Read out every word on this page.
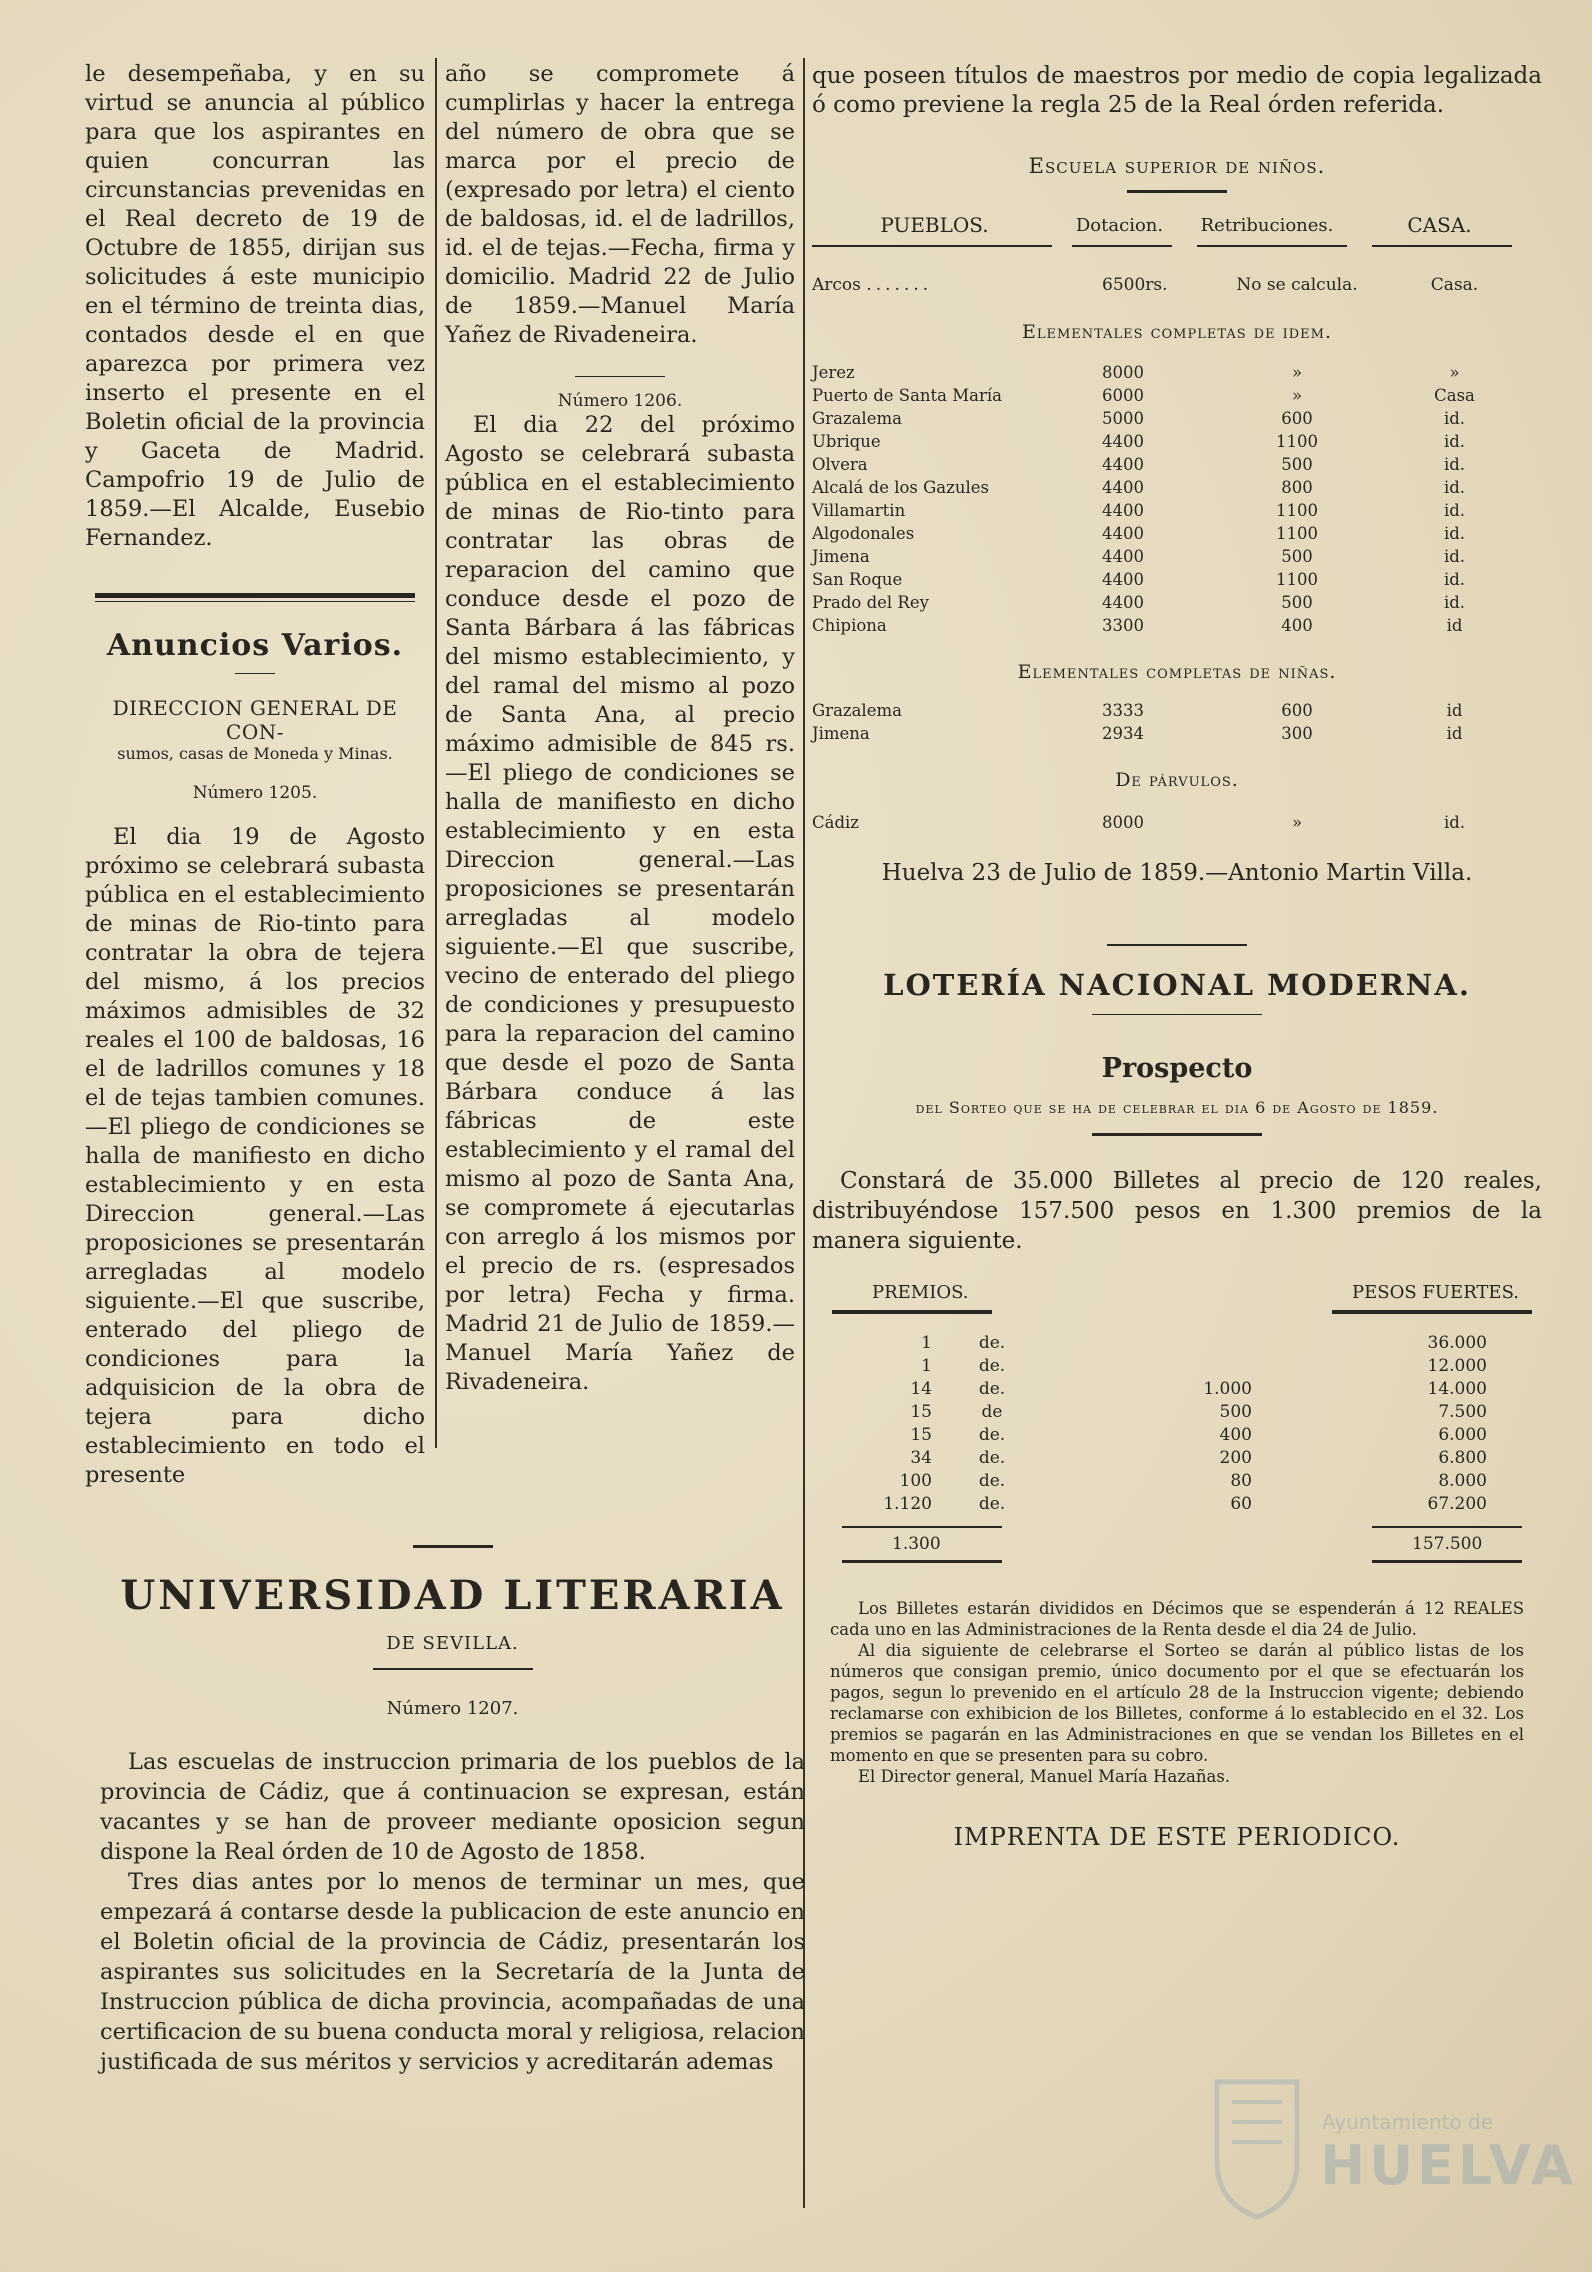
le desempeñaba, y en su virtud se anuncia al público para que los aspirantes en quien concurran las circunstancias prevenidas en el Real decreto de 19 de Octubre de 1855, dirijan sus solicitudes á este municipio en el término de treinta dias, contados desde el en que aparezca por primera vez inserto el presente en el Boletin oficial de la provincia y Gaceta de Madrid. Campofrio 19 de Julio de 1859.—El Alcalde, Eusebio Fernandez.

Anuncios Varios.
DIRECCION GENERAL DE CON-
sumos, casas de Moneda y Minas.
Número 1205.

El dia 19 de Agosto próximo se celebrará subasta pública en el establecimiento de minas de Rio-tinto para contratar la obra de tejera del mismo, á los precios máximos admisibles de 32 reales el 100 de baldosas, 16 el de ladrillos comunes y 18 el de tejas tambien comunes.—El pliego de condiciones se halla de manifiesto en dicho establecimiento y en esta Direccion general.—Las proposiciones se presentarán arregladas al modelo siguiente.—El que suscribe, enterado del pliego de condiciones para la adquisicion de la obra de tejera para dicho establecimiento en todo el presente

año se compromete á cumplirlas y hacer la entrega del número de obra que se marca por el precio de (expresado por letra) el ciento de baldosas, id. el de ladrillos, id. el de tejas.—Fecha, firma y domicilio. Madrid 22 de Julio de 1859.—Manuel María Yañez de Rivadeneira.

Número 1206.

El dia 22 del próximo Agosto se celebrará subasta pública en el establecimiento de minas de Rio-tinto para contratar las obras de reparacion del camino que conduce desde el pozo de Santa Bárbara á las fábricas del mismo establecimiento, y del ramal del mismo al pozo de Santa Ana, al precio máximo admisible de 845 rs.—El pliego de condiciones se halla de manifiesto en dicho establecimiento y en esta Direccion general.—Las proposiciones se presentarán arregladas al modelo siguiente.—El que suscribe, vecino de enterado del pliego de condiciones y presupuesto para la reparacion del camino que desde el pozo de Santa Bárbara conduce á las fábricas de este establecimiento y el ramal del mismo al pozo de Santa Ana, se compromete á ejecutarlas con arreglo á los mismos por el precio de rs. (espresados por letra) Fecha y firma. Madrid 21 de Julio de 1859.—Manuel María Yañez de Rivadeneira.

UNIVERSIDAD LITERARIA
DE SEVILLA.
Número 1207.

Las escuelas de instruccion primaria de los pueblos de la provincia de Cádiz, que á continuacion se expresan, están vacantes y se han de proveer mediante oposicion segun dispone la Real órden de 10 de Agosto de 1858.

Tres dias antes por lo menos de terminar un mes, que empezará á contarse desde la publicacion de este anuncio en el Boletin oficial de la provincia de Cádiz, presentarán los aspirantes sus solicitudes en la Secretaría de la Junta de Instruccion pública de dicha provincia, acompañadas de una certificacion de su buena conducta moral y religiosa, relacion justificada de sus méritos y servicios y acreditarán ademas

que poseen títulos de maestros por medio de copia legalizada ó como previene la regla 25 de la Real órden referida.

Escuela superior de niños.
PUEBLOS.	Dotacion.	Retribuciones.	CASA.
Arcos .......	6500rs.	No se calcula.	Casa.
Elementales completas de idem.
Jerez	8000	»	»
Puerto de Santa María	6000	»	Casa
Grazalema	5000	600	id.
Ubrique	4400	1100	id.
Olvera	4400	500	id.
Alcalá de los Gazules	4400	800	id.
Villamartin	4400	1100	id.
Algodonales	4400	1100	id.
Jimena	4400	500	id.
San Roque	4400	1100	id.
Prado del Rey	4400	500	id.
Chipiona	3300	400	id
Elementales completas de niñas.
Grazalema	3333	600	id
Jimena	2934	300	id
De párvulos.
Cádiz	8000	»	id.
Huelva 23 de Julio de 1859.—Antonio Martin Villa.
LOTERÍA NACIONAL MODERNA.
Prospecto
del Sorteo que se ha de celebrar el dia 6 de Agosto de 1859.

Constará de 35.000 Billetes al precio de 120 reales, distribuyéndose 157.500 pesos en 1.300 premios de la manera siguiente.

PREMIOS.	PESOS FUERTES.
1	de.		36.000
1	de.		12.000
14	de.	1.000	14.000
15	de	500	7.500
15	de.	400	6.000
34	de.	200	6.800
100	de.	80	8.000
1.120	de.	60	67.200
1.300	157.500

Los Billetes estarán divididos en Décimos que se espenderán á 12 REALES cada uno en las Administraciones de la Renta desde el dia 24 de Julio.

Al dia siguiente de celebrarse el Sorteo se darán al público listas de los números que consigan premio, único documento por el que se efectuarán los pagos, segun lo prevenido en el artículo 28 de la Instruccion vigente; debiendo reclamarse con exhibicion de los Billetes, conforme á lo establecido en el 32. Los premios se pagarán en las Administraciones en que se vendan los Billetes en el momento en que se presenten para su cobro.

El Director general, Manuel María Hazañas.

IMPRENTA DE ESTE PERIODICO.
Ayuntamiento de
HUELVA
